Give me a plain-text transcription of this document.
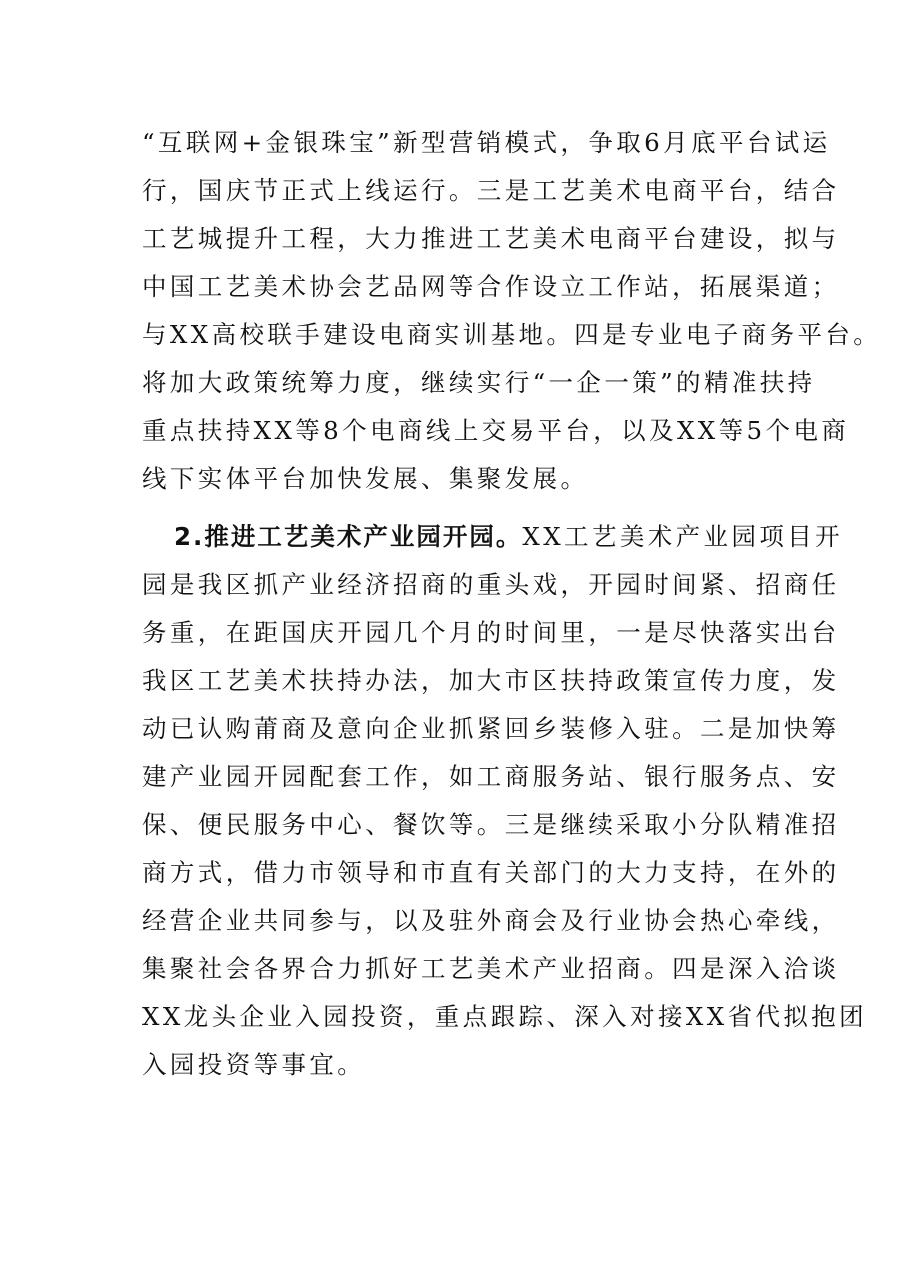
“互联网+金银珠宝”新型营销模式，争取6月底平台试运

行，国庆节正式上线运行。三是工艺美术电商平台，结合

工艺城提升工程，大力推进工艺美术电商平台建设，拟与

中国工艺美术协会艺品网等合作设立工作站，拓展渠道；

与XX高校联手建设电商实训基地。四是专业电子商务平台。

将加大政策统筹力度，继续实行“一企一策”的精准扶持

重点扶持XX等8个电商线上交易平台，以及XX等5个电商

线下实体平台加快发展、集聚发展。

2.推进工艺美术产业园开园。XX工艺美术产业园项目开

园是我区抓产业经济招商的重头戏，开园时间紧、招商任

务重，在距国庆开园几个月的时间里，一是尽快落实出台

我区工艺美术扶持办法，加大市区扶持政策宣传力度，发

动已认购莆商及意向企业抓紧回乡装修入驻。二是加快筹

建产业园开园配套工作，如工商服务站、银行服务点、安

保、便民服务中心、餐饮等。三是继续采取小分队精准招

商方式，借力市领导和市直有关部门的大力支持，在外的

经营企业共同参与，以及驻外商会及行业协会热心牵线，

集聚社会各界合力抓好工艺美术产业招商。四是深入洽谈

XX龙头企业入园投资，重点跟踪、深入对接XX省代拟抱团

入园投资等事宜。
